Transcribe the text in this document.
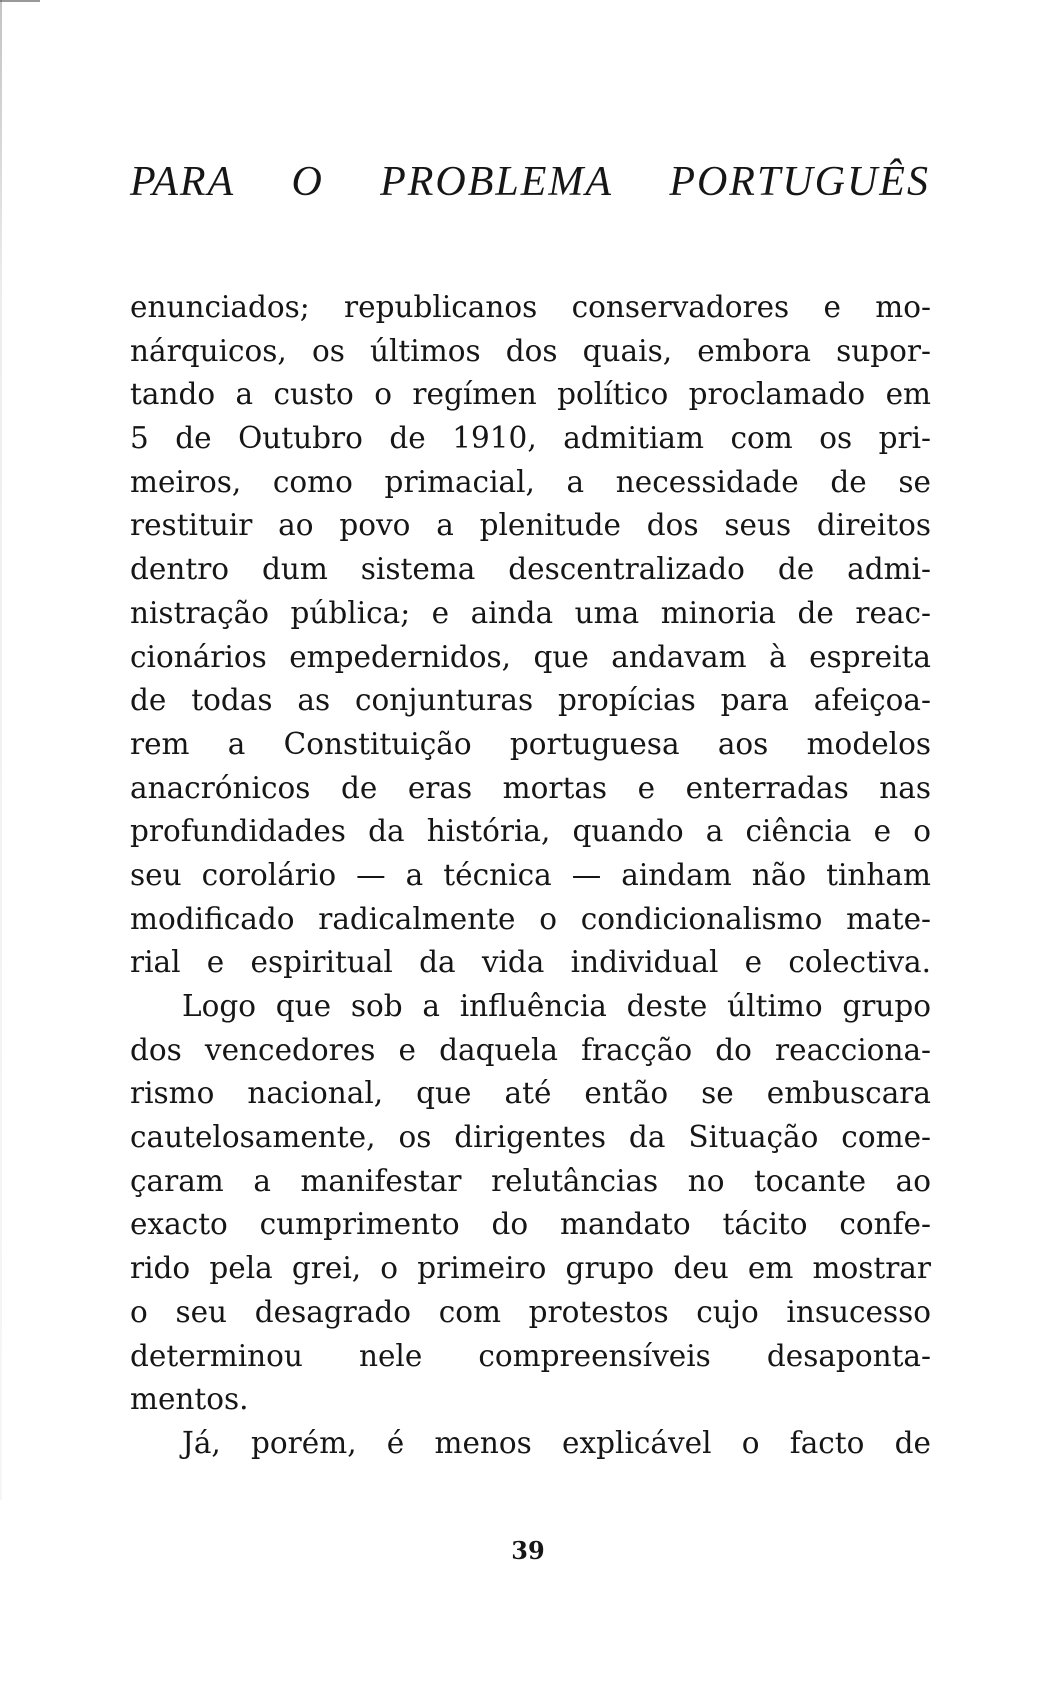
PARA O PROBLEMA PORTUGUÊS
enunciados; republicanos conservadores e mo-
nárquicos, os últimos dos quais, embora supor-
tando a custo o regímen político proclamado em
5 de Outubro de 1910, admitiam com os pri-
meiros, como primacial, a necessidade de se
restituir ao povo a plenitude dos seus direitos
dentro dum sistema descentralizado de admi-
nistração pública; e ainda uma minoria de reac-
cionários empedernidos, que andavam à espreita
de todas as conjunturas propícias para afeiçoa-
rem a Constituição portuguesa aos modelos
anacrónicos de eras mortas e enterradas nas
profundidades da história, quando a ciência e o
seu corolário — a técnica — aindam não tinham
modificado radicalmente o condicionalismo mate-
rial e espiritual da vida individual e colectiva.
Logo que sob a influência deste último grupo
dos vencedores e daquela fracção do reacciona-
rismo nacional, que até então se embuscara
cautelosamente, os dirigentes da Situação come-
çaram a manifestar relutâncias no tocante ao
exacto cumprimento do mandato tácito confe-
rido pela grei, o primeiro grupo deu em mostrar
o seu desagrado com protestos cujo insucesso
determinou nele compreensíveis desaponta-
mentos.
Já, porém, é menos explicável o facto de
39
